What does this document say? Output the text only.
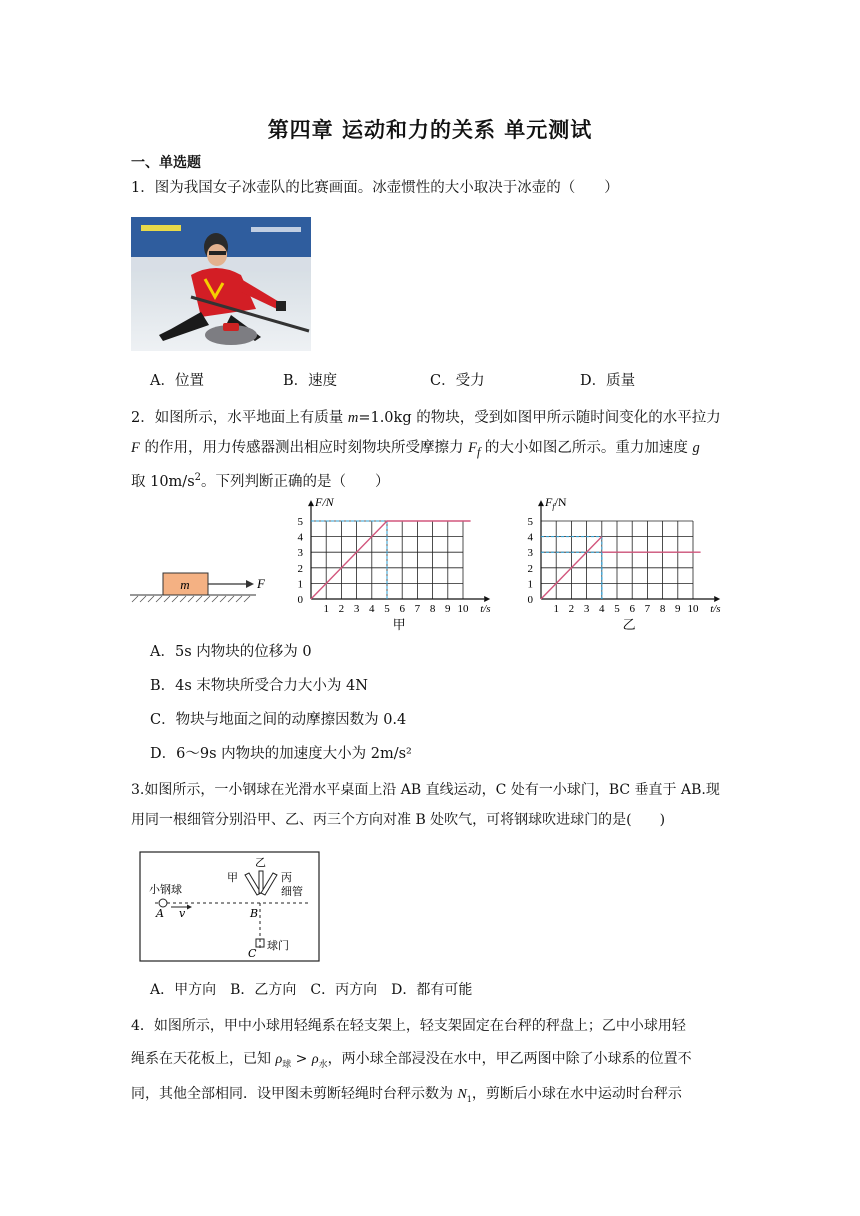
第四章 运动和力的关系 单元测试
一、单选题
1．图为我国女子冰壶队的比赛画面。冰壶惯性的大小取决于冰壶的（　　）
A．位置	B．速度	C．受力	D．质量
2．如图所示，水平地面上有质量 m=1.0kg 的物块，受到如图甲所示随时间变化的水平拉力
F 的作用，用力传感器测出相应时刻物块所受摩擦力 $F_f$ 的大小如图乙所示。重力加速度 g
取 $10m/s^2$。下列判断正确的是（　　）
m	F
1 2 3 4 5 6 7 8 9 10
1
2
3
4
5
0
t/s
F/N
甲
1 2 3 4 5 6 7 8 9 10
1
2
3
4
5
0
t/s
$F_f/N$
乙
A．5s 内物块的位移为 0
B．4s 末物块所受合力大小为 4N
C．物块与地面之间的动摩擦因数为 0.4
D．6～9s 内物块的加速度大小为 2m/s²
3.如图所示，一小钢球在光滑水平桌面上沿 AB 直线运动，C 处有一小球门，BC 垂直于 AB.现
用同一根细管分别沿甲、乙、丙三个方向对准 B 处吹气，可将钢球吹进球门的是(　　)
小钢球
A v	B
C
球门
甲
乙
丙
细管
A．甲方向　B．乙方向　C．丙方向　D．都有可能
4．如图所示，甲中小球用轻绳系在轻支架上，轻支架固定在台秤的秤盘上；乙中小球用轻
绳系在天花板上，已知 $\rho_球 > \rho_水$，两小球全部浸没在水中，甲乙两图中除了小球系的位置不
同，其他全部相同．设甲图未剪断轻绳时台秤示数为 $N_1$，剪断后小球在水中运动时台秤示
